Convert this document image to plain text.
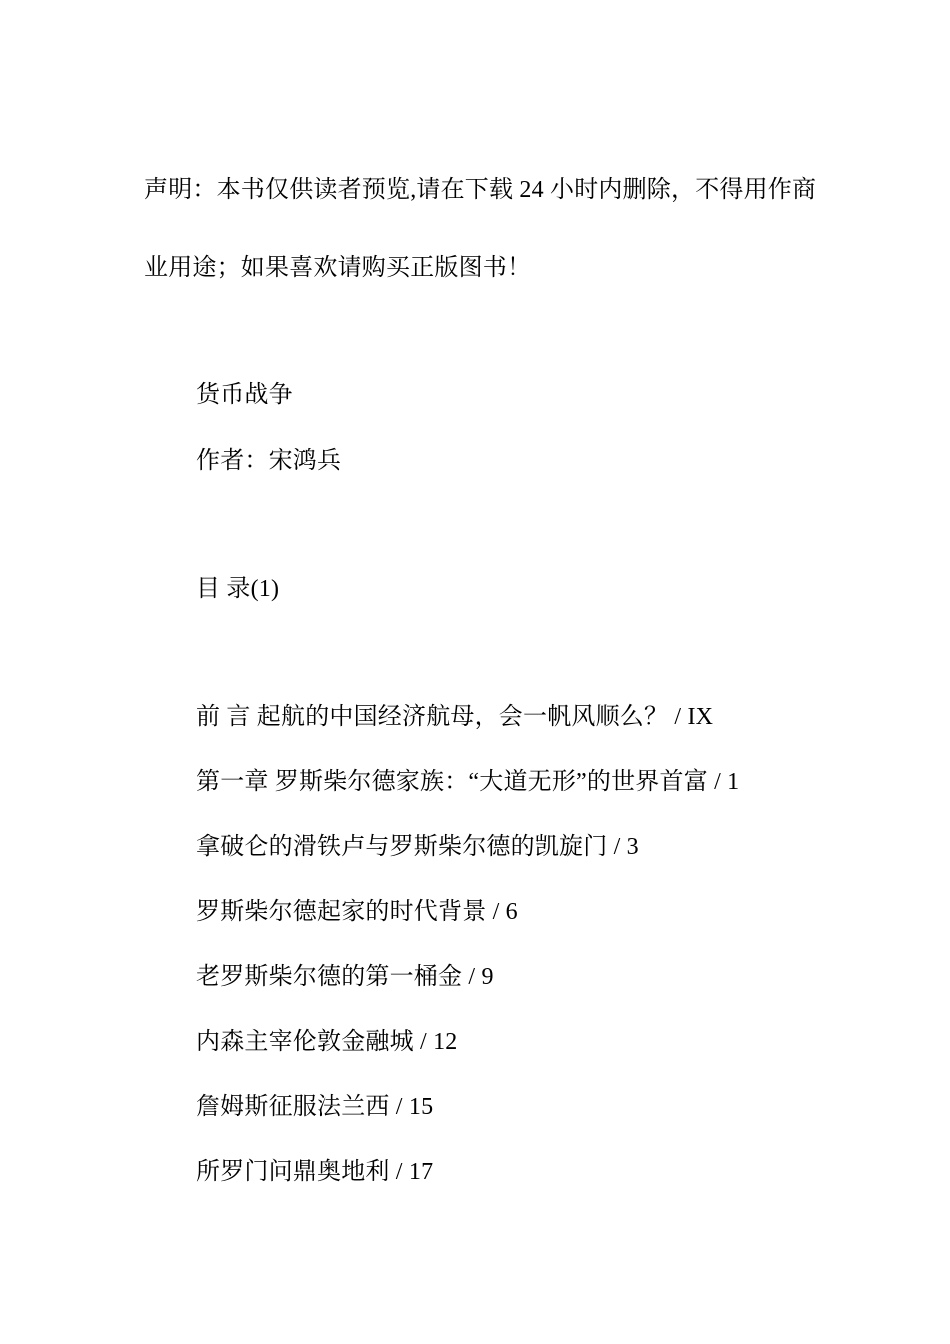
声明：本书仅供读者预览,请在下载 24 小时内删除，不得用作商
业用途；如果喜欢请购买正版图书！
货币战争
作者：宋鸿兵
目 录(1)
前 言 起航的中国经济航母，会一帆风顺么？ / IX
第一章 罗斯柴尔德家族：“大道无形”的世界首富 / 1
拿破仑的滑铁卢与罗斯柴尔德的凯旋门 / 3
罗斯柴尔德起家的时代背景 / 6
老罗斯柴尔德的第一桶金 / 9
内森主宰伦敦金融城 / 12
詹姆斯征服法兰西 / 15
所罗门问鼎奥地利 / 17
